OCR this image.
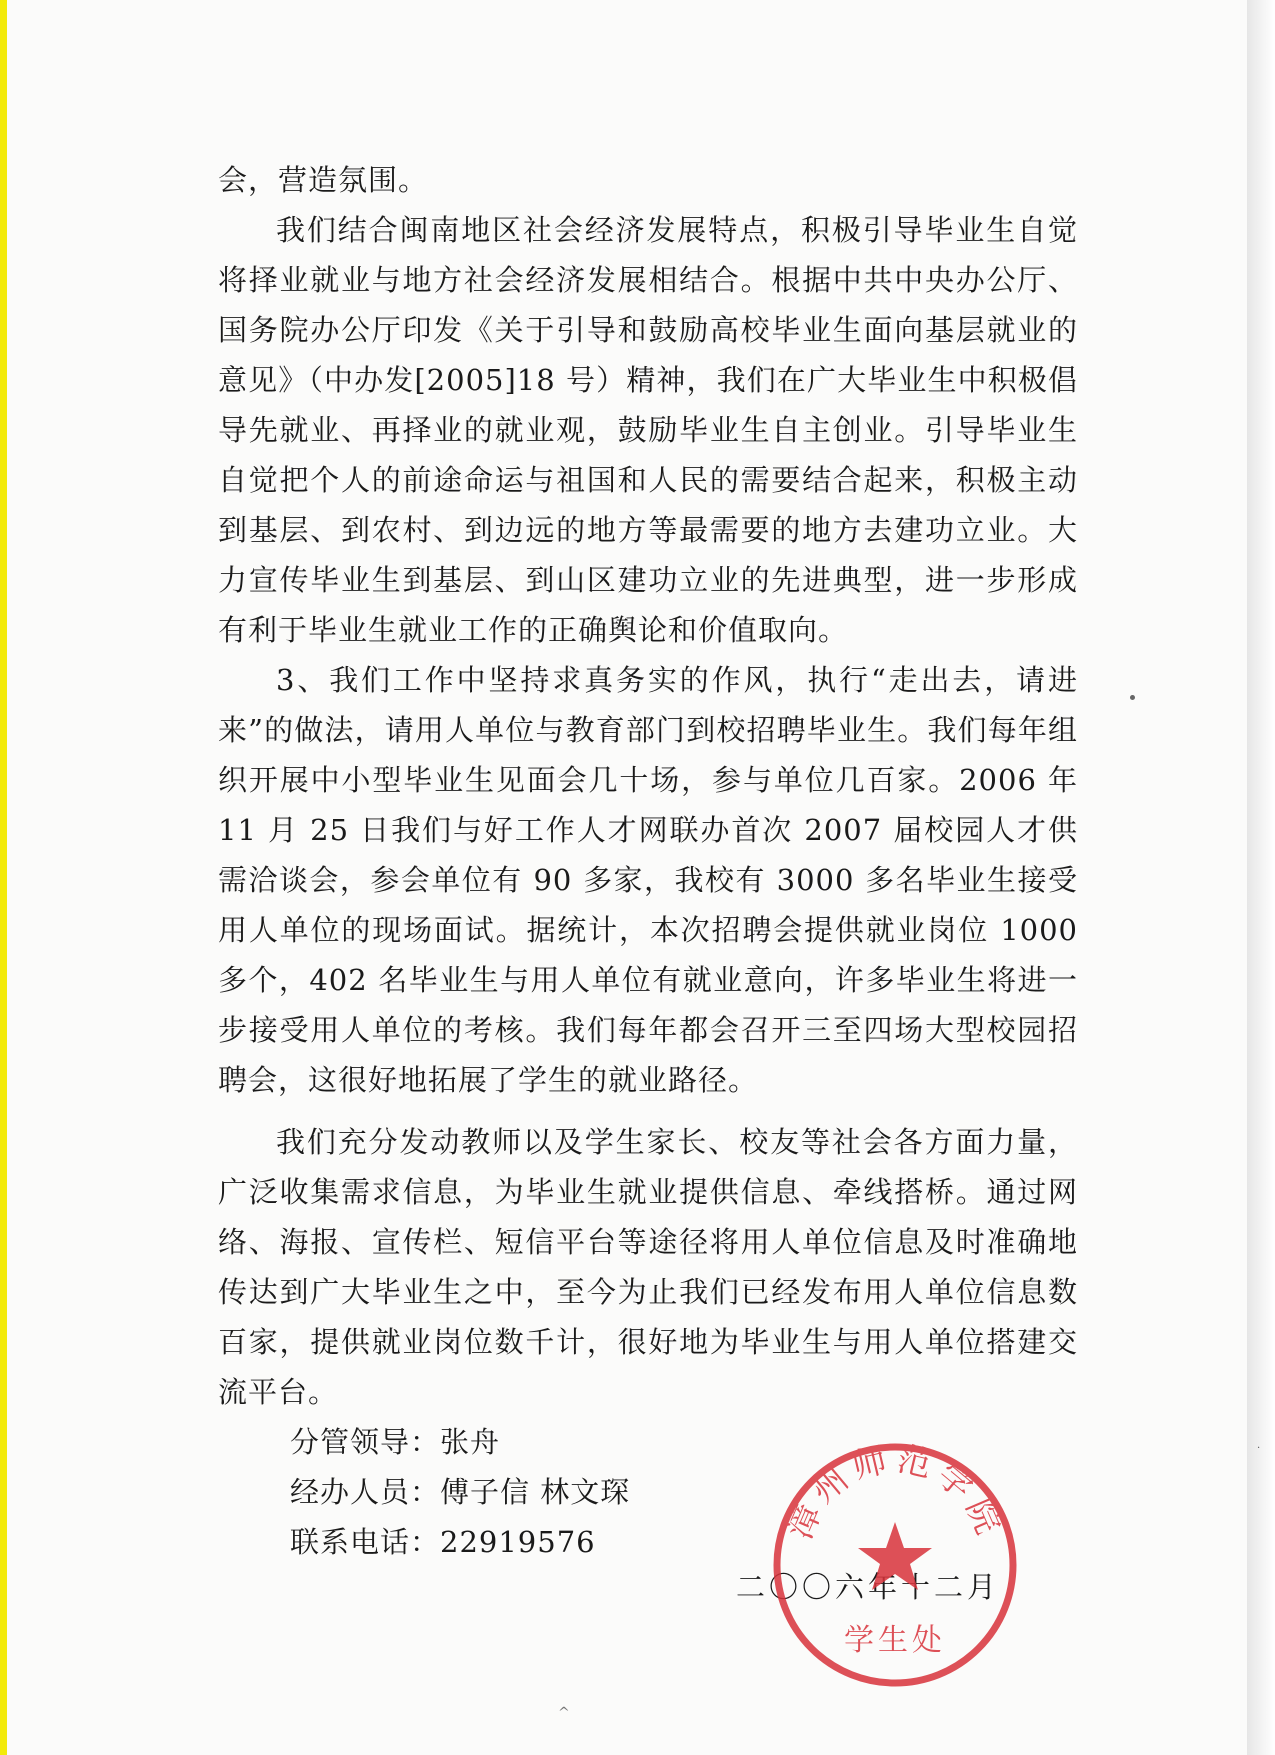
会，营造氛围。

我们结合闽南地区社会经济发展特点，积极引导毕业生自觉将择业就业与地方社会经济发展相结合。根据中共中央办公厅、国务院办公厅印发《关于引导和鼓励高校毕业生面向基层就业的意见》（中办发[2005]18 号）精神，我们在广大毕业生中积极倡导先就业、再择业的就业观，鼓励毕业生自主创业。引导毕业生自觉把个人的前途命运与祖国和人民的需要结合起来，积极主动到基层、到农村、到边远的地方等最需要的地方去建功立业。大力宣传毕业生到基层、到山区建功立业的先进典型，进一步形成有利于毕业生就业工作的正确舆论和价值取向。

3、我们工作中坚持求真务实的作风，执行“走出去，请进来”的做法，请用人单位与教育部门到校招聘毕业生。我们每年组织开展中小型毕业生见面会几十场，参与单位几百家。2006 年 11 月 25 日我们与好工作人才网联办首次 2007 届校园人才供需洽谈会，参会单位有 90 多家，我校有 3000 多名毕业生接受用人单位的现场面试。据统计，本次招聘会提供就业岗位 1000 多个，402 名毕业生与用人单位有就业意向，许多毕业生将进一步接受用人单位的考核。我们每年都会召开三至四场大型校园招聘会，这很好地拓展了学生的就业路径。

我们充分发动教师以及学生家长、校友等社会各方面力量，广泛收集需求信息，为毕业生就业提供信息、牵线搭桥。通过网络、海报、宣传栏、短信平台等途径将用人单位信息及时准确地传达到广大毕业生之中，至今为止我们已经发布用人单位信息数百家，提供就业岗位数千计，很好地为毕业生与用人单位搭建交流平台。

分管领导：张舟

经办人员：傅子信 林文琛

联系电话：22919576

二〇〇六年十二月
漳州师范学院
学生处
^
.
